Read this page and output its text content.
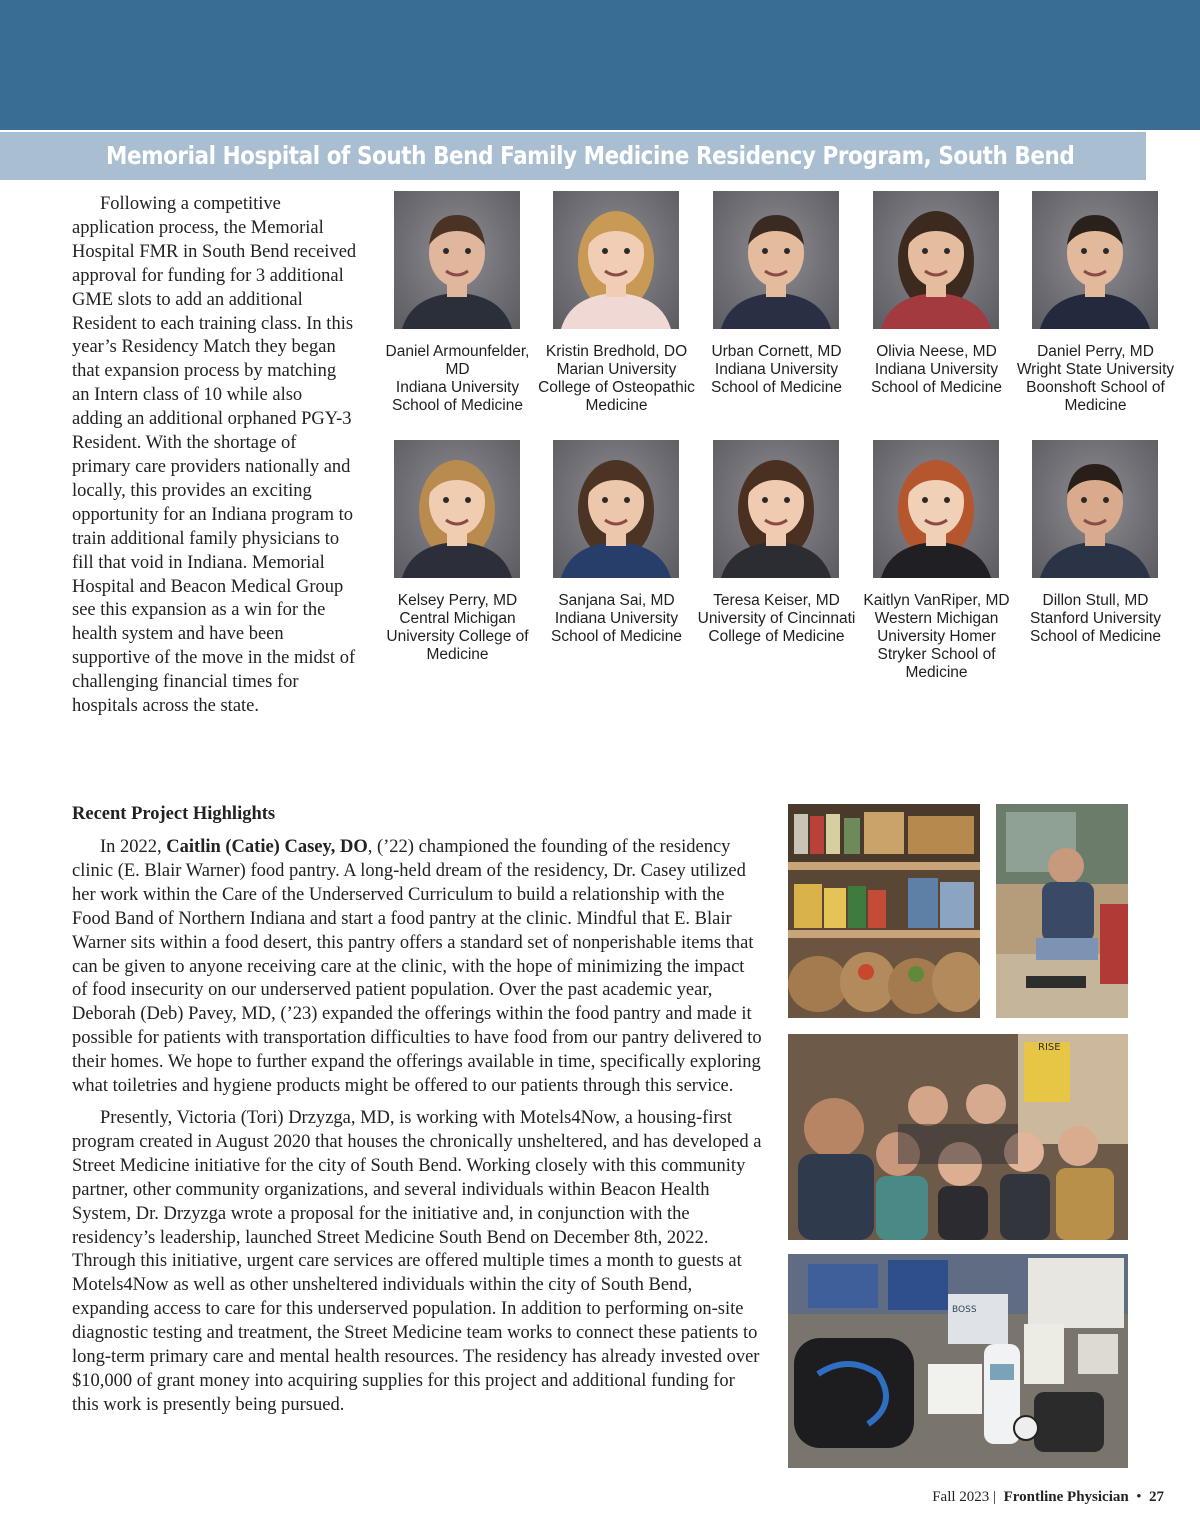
Memorial Hospital of South Bend Family Medicine Residency Program, South Bend

Following a competitive application process, the Memorial Hospital FMR in South Bend received approval for funding for 3 additional GME slots to add an additional Resident to each training class. In this year’s Residency Match they began that expansion process by matching an Intern class of 10 while also adding an additional orphaned PGY-3 Resident. With the shortage of primary care providers nationally and locally, this provides an exciting opportunity for an Indiana program to train additional family physicians to fill that void in Indiana. Memorial Hospital and Beacon Medical Group see this expansion as a win for the health system and have been supportive of the move in the midst of challenging financial times for hospitals across the state.

Daniel Armounfelder, MD
Indiana University School of Medicine
Kristin Bredhold, DO
Marian University College of Osteopathic Medicine
Urban Cornett, MD
Indiana University School of Medicine
Olivia Neese, MD
Indiana University School of Medicine
Daniel Perry, MD
Wright State University Boonshoft School of Medicine
Kelsey Perry, MD
Central Michigan University College of Medicine
Sanjana Sai, MD
Indiana University School of Medicine
Teresa Keiser, MD
University of Cincinnati College of Medicine
Kaitlyn VanRiper, MD
Western Michigan University Homer Stryker School of Medicine
Dillon Stull, MD
Stanford University School of Medicine
Recent Project Highlights

In 2022, Caitlin (Catie) Casey, DO, (’22) championed the founding of the residency clinic (E. Blair Warner) food pantry. A long-held dream of the residency, Dr. Casey utilized her work within the Care of the Underserved Curriculum to build a relationship with the Food Band of Northern Indiana and start a food pantry at the clinic. Mindful that E. Blair Warner sits within a food desert, this pantry offers a standard set of nonperishable items that can be given to anyone receiving care at the clinic, with the hope of minimizing the impact of food insecurity on our underserved patient population. Over the past academic year, Deborah (Deb) Pavey, MD, (’23) expanded the offerings within the food pantry and made it possible for patients with transportation difficulties to have food from our pantry delivered to their homes. We hope to further expand the offerings available in time, specifically exploring what toiletries and hygiene products might be offered to our patients through this service.

Presently, Victoria (Tori) Drzyzga, MD, is working with Motels4Now, a housing-first program created in August 2020 that houses the chronically unsheltered, and has developed a Street Medicine initiative for the city of South Bend. Working closely with this community partner, other community organizations, and several individuals within Beacon Health System, Dr. Drzyzga wrote a proposal for the initiative and, in conjunction with the residency’s leadership, launched Street Medicine South Bend on December 8th, 2022. Through this initiative, urgent care services are offered multiple times a month to guests at Motels4Now as well as other unsheltered individuals within the city of South Bend, expanding access to care for this underserved population. In addition to performing on-site diagnostic testing and treatment, the Street Medicine team works to connect these patients to long-term primary care and mental health resources. The residency has already invested over $10,000 of grant money into acquiring supplies for this project and additional funding for this work is presently being pursued.

RISE
BOSS
Fall 2023 |  Frontline Physician • 27
